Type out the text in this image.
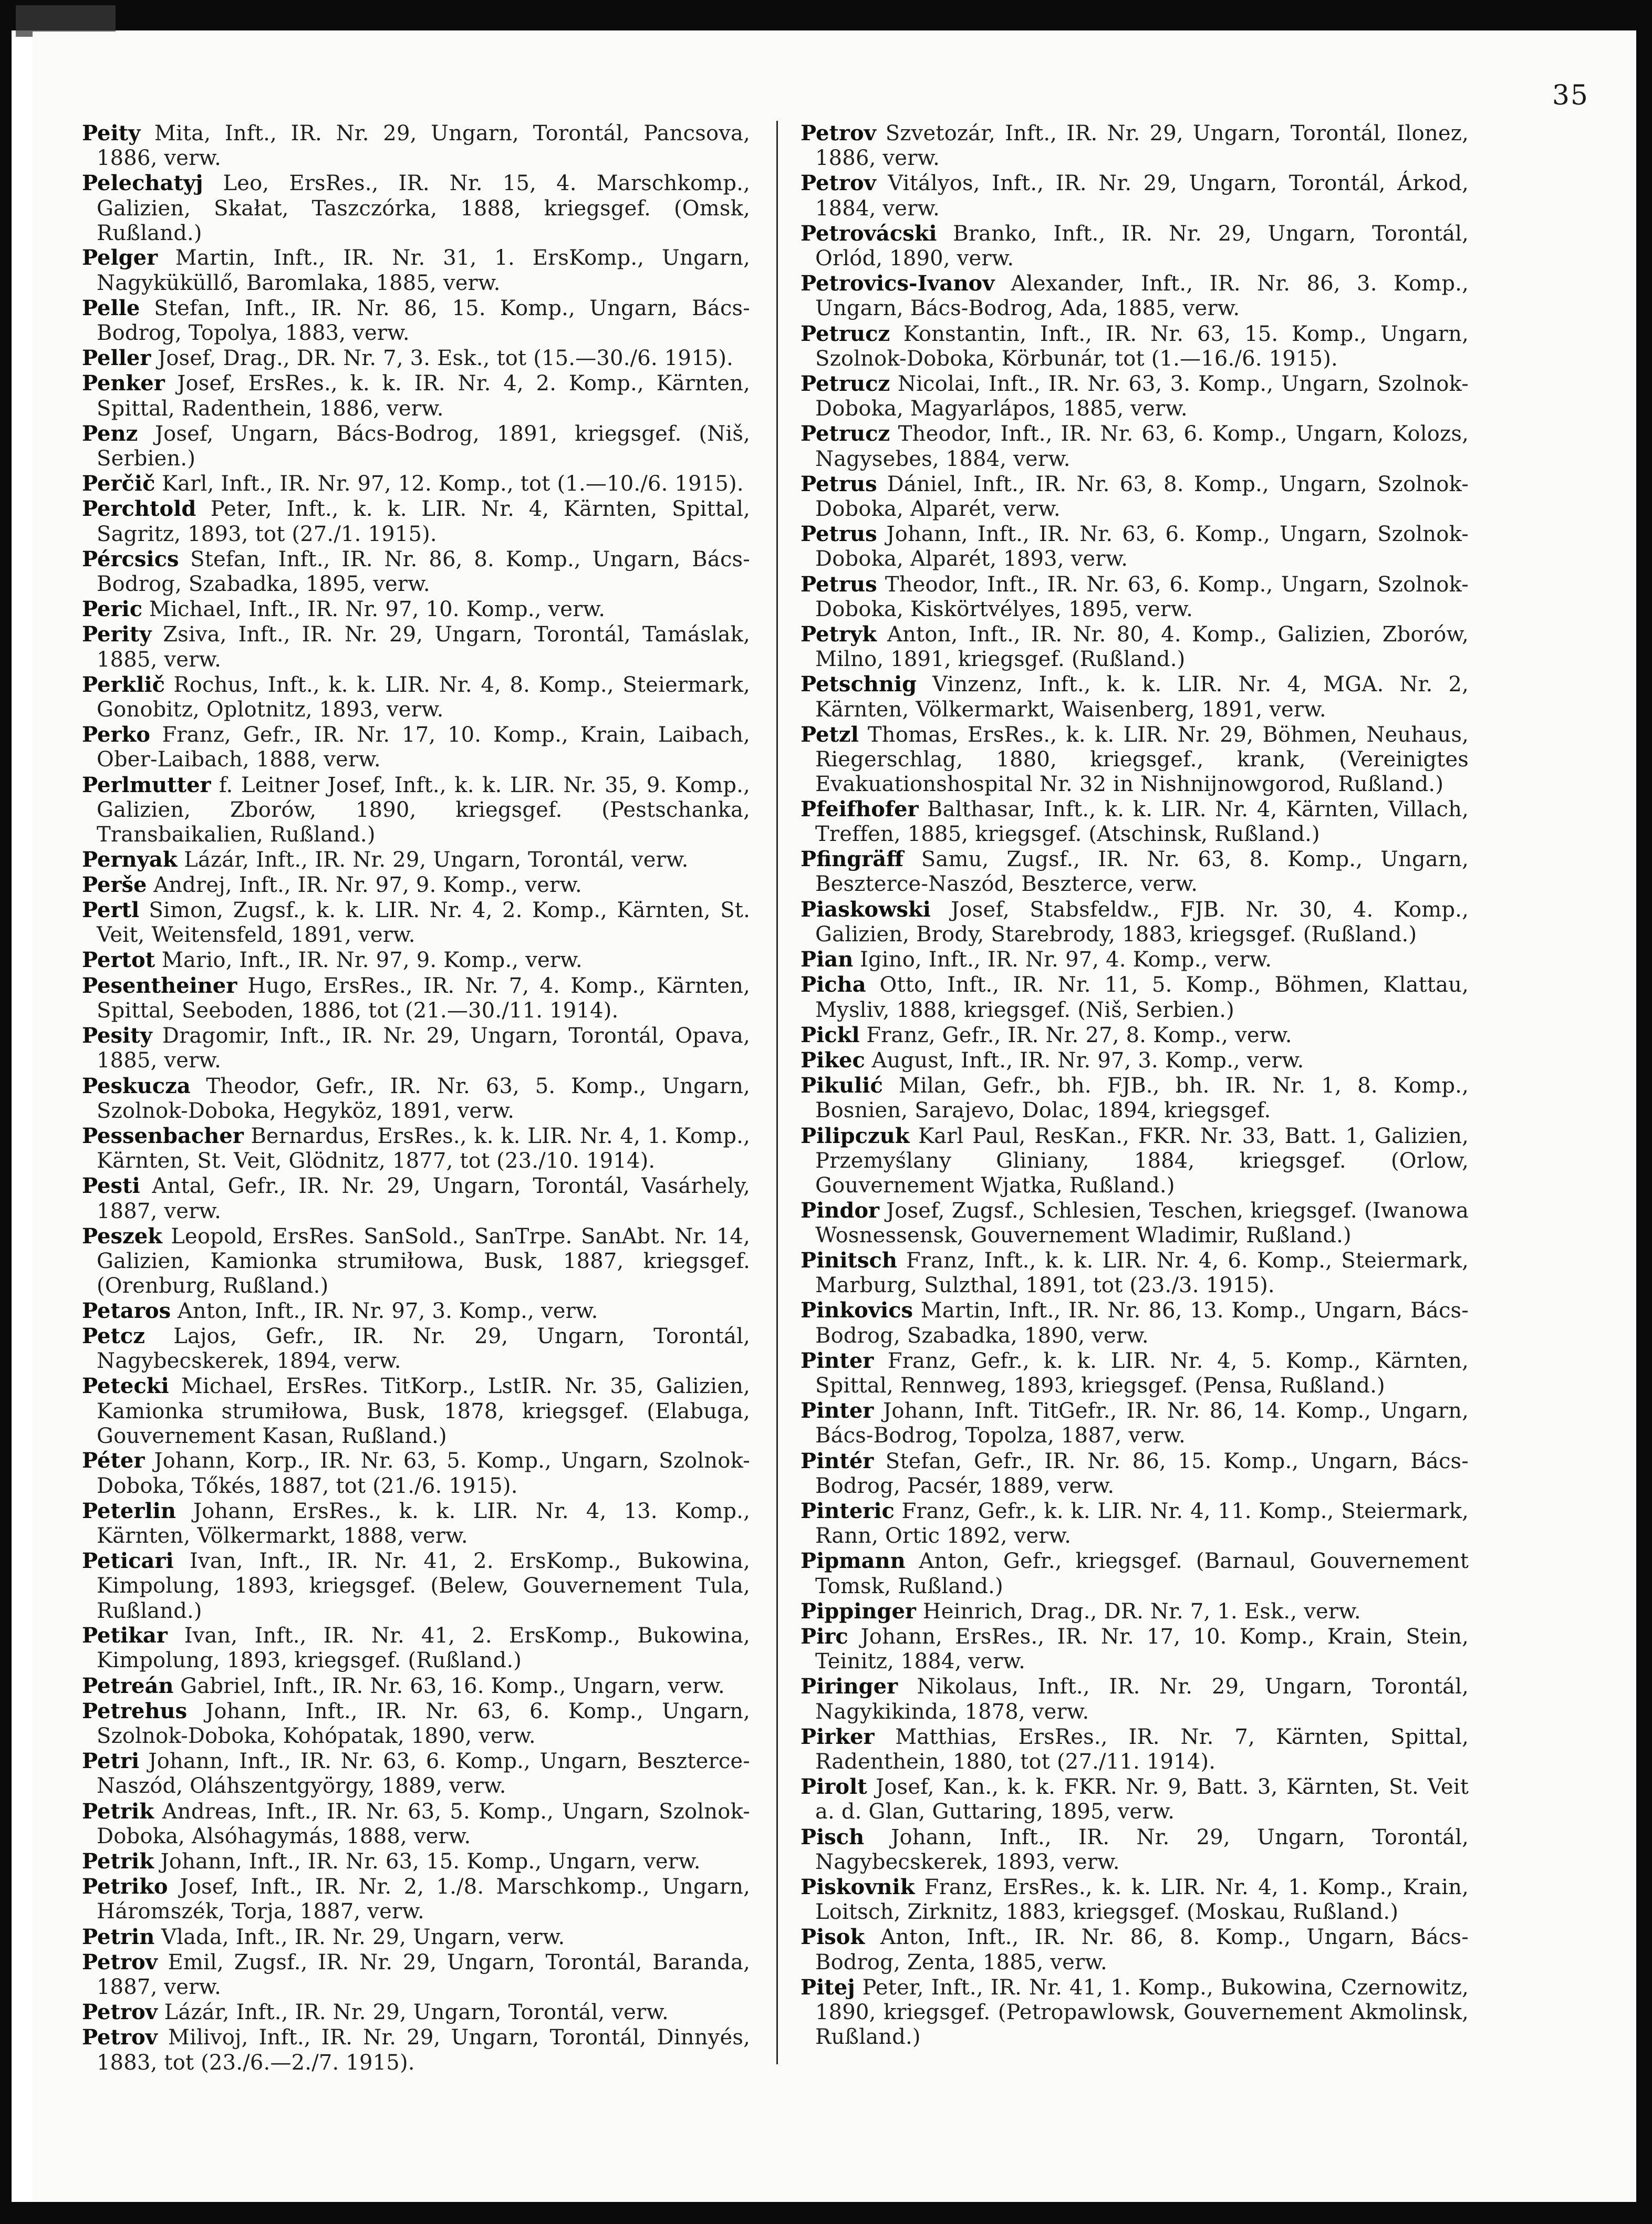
35

Peity Mita, Inft., IR. Nr. 29, Ungarn, Torontál, Pancsova, 1886, verw.

Pelechatyj Leo, ErsRes., IR. Nr. 15, 4. Marschkomp., Galizien, Skałat, Taszczórka, 1888, kriegsgef. (Omsk, Rußland.)

Pelger Martin, Inft., IR. Nr. 31, 1. ErsKomp., Ungarn, Nagyküküllő, Baromlaka, 1885, verw.

Pelle Stefan, Inft., IR. Nr. 86, 15. Komp., Ungarn, Bács-Bodrog, Topolya, 1883, verw.

Peller Josef, Drag., DR. Nr. 7, 3. Esk., tot (15.—30./6. 1915).

Penker Josef, ErsRes., k. k. IR. Nr. 4, 2. Komp., Kärnten, Spittal, Radenthein, 1886, verw.

Penz Josef, Ungarn, Bács-Bodrog, 1891, kriegsgef. (Niš, Serbien.)

Perčič Karl, Inft., IR. Nr. 97, 12. Komp., tot (1.—10./6. 1915).

Perchtold Peter, Inft., k. k. LIR. Nr. 4, Kärnten, Spittal, Sagritz, 1893, tot (27./1. 1915).

Pércsics Stefan, Inft., IR. Nr. 86, 8. Komp., Ungarn, Bács-Bodrog, Szabadka, 1895, verw.

Peric Michael, Inft., IR. Nr. 97, 10. Komp., verw.

Perity Zsiva, Inft., IR. Nr. 29, Ungarn, Torontál, Tamáslak, 1885, verw.

Perklič Rochus, Inft., k. k. LIR. Nr. 4, 8. Komp., Steiermark, Gonobitz, Oplotnitz, 1893, verw.

Perko Franz, Gefr., IR. Nr. 17, 10. Komp., Krain, Laibach, Ober-Laibach, 1888, verw.

Perlmutter f. Leitner Josef, Inft., k. k. LIR. Nr. 35, 9. Komp., Galizien, Zborów, 1890, kriegsgef. (Pestschanka, Transbaikalien, Rußland.)

Pernyak Lázár, Inft., IR. Nr. 29, Ungarn, Torontál, verw.

Perše Andrej, Inft., IR. Nr. 97, 9. Komp., verw.

Pertl Simon, Zugsf., k. k. LIR. Nr. 4, 2. Komp., Kärnten, St. Veit, Weitensfeld, 1891, verw.

Pertot Mario, Inft., IR. Nr. 97, 9. Komp., verw.

Pesentheiner Hugo, ErsRes., IR. Nr. 7, 4. Komp., Kärnten, Spittal, Seeboden, 1886, tot (21.—30./11. 1914).

Pesity Dragomir, Inft., IR. Nr. 29, Ungarn, Torontál, Opava, 1885, verw.

Peskucza Theodor, Gefr., IR. Nr. 63, 5. Komp., Ungarn, Szolnok-Doboka, Hegyköz, 1891, verw.

Pessenbacher Bernardus, ErsRes., k. k. LIR. Nr. 4, 1. Komp., Kärnten, St. Veit, Glödnitz, 1877, tot (23./10. 1914).

Pesti Antal, Gefr., IR. Nr. 29, Ungarn, Torontál, Vasárhely, 1887, verw.

Peszek Leopold, ErsRes. SanSold., SanTrpe. SanAbt. Nr. 14, Galizien, Kamionka strumiłowa, Busk, 1887, kriegsgef. (Orenburg, Rußland.)

Petaros Anton, Inft., IR. Nr. 97, 3. Komp., verw.

Petcz Lajos, Gefr., IR. Nr. 29, Ungarn, Torontál, Nagybecskerek, 1894, verw.

Petecki Michael, ErsRes. TitKorp., LstIR. Nr. 35, Galizien, Kamionka strumiłowa, Busk, 1878, kriegsgef. (Elabuga, Gouvernement Kasan, Rußland.)

Péter Johann, Korp., IR. Nr. 63, 5. Komp., Ungarn, Szolnok-Doboka, Tőkés, 1887, tot (21./6. 1915).

Peterlin Johann, ErsRes., k. k. LIR. Nr. 4, 13. Komp., Kärnten, Völkermarkt, 1888, verw.

Peticari Ivan, Inft., IR. Nr. 41, 2. ErsKomp., Bukowina, Kimpolung, 1893, kriegsgef. (Belew, Gouvernement Tula, Rußland.)

Petikar Ivan, Inft., IR. Nr. 41, 2. ErsKomp., Bukowina, Kimpolung, 1893, kriegsgef. (Rußland.)

Petreán Gabriel, Inft., IR. Nr. 63, 16. Komp., Ungarn, verw.

Petrehus Johann, Inft., IR. Nr. 63, 6. Komp., Ungarn, Szolnok-Doboka, Kohópatak, 1890, verw.

Petri Johann, Inft., IR. Nr. 63, 6. Komp., Ungarn, Beszterce-Naszód, Oláhszentgyörgy, 1889, verw.

Petrik Andreas, Inft., IR. Nr. 63, 5. Komp., Ungarn, Szolnok-Doboka, Alsóhagymás, 1888, verw.

Petrik Johann, Inft., IR. Nr. 63, 15. Komp., Ungarn, verw.

Petriko Josef, Inft., IR. Nr. 2, 1./8. Marschkomp., Ungarn, Háromszék, Torja, 1887, verw.

Petrin Vlada, Inft., IR. Nr. 29, Ungarn, verw.

Petrov Emil, Zugsf., IR. Nr. 29, Ungarn, Torontál, Baranda, 1887, verw.

Petrov Lázár, Inft., IR. Nr. 29, Ungarn, Torontál, verw.

Petrov Milivoj, Inft., IR. Nr. 29, Ungarn, Torontál, Dinnyés, 1883, tot (23./6.—2./7. 1915).

Petrov Szvetozár, Inft., IR. Nr. 29, Ungarn, Torontál, Ilonez, 1886, verw.

Petrov Vitályos, Inft., IR. Nr. 29, Ungarn, Torontál, Árkod, 1884, verw.

Petrovácski Branko, Inft., IR. Nr. 29, Ungarn, Torontál, Orlód, 1890, verw.

Petrovics-Ivanov Alexander, Inft., IR. Nr. 86, 3. Komp., Ungarn, Bács-Bodrog, Ada, 1885, verw.

Petrucz Konstantin, Inft., IR. Nr. 63, 15. Komp., Ungarn, Szolnok-Doboka, Körbunár, tot (1.—16./6. 1915).

Petrucz Nicolai, Inft., IR. Nr. 63, 3. Komp., Ungarn, Szolnok-Doboka, Magyarlápos, 1885, verw.

Petrucz Theodor, Inft., IR. Nr. 63, 6. Komp., Ungarn, Kolozs, Nagysebes, 1884, verw.

Petrus Dániel, Inft., IR. Nr. 63, 8. Komp., Ungarn, Szolnok-Doboka, Alparét, verw.

Petrus Johann, Inft., IR. Nr. 63, 6. Komp., Ungarn, Szolnok-Doboka, Alparét, 1893, verw.

Petrus Theodor, Inft., IR. Nr. 63, 6. Komp., Ungarn, Szolnok-Doboka, Kiskörtvélyes, 1895, verw.

Petryk Anton, Inft., IR. Nr. 80, 4. Komp., Galizien, Zborów, Milno, 1891, kriegsgef. (Rußland.)

Petschnig Vinzenz, Inft., k. k. LIR. Nr. 4, MGA. Nr. 2, Kärnten, Völkermarkt, Waisenberg, 1891, verw.

Petzl Thomas, ErsRes., k. k. LIR. Nr. 29, Böhmen, Neuhaus, Riegerschlag, 1880, kriegsgef., krank, (Vereinigtes Evakuationshospital Nr. 32 in Nishnijnowgorod, Rußland.)

Pfeifhofer Balthasar, Inft., k. k. LIR. Nr. 4, Kärnten, Villach, Treffen, 1885, kriegsgef. (Atschinsk, Rußland.)

Pfingräff Samu, Zugsf., IR. Nr. 63, 8. Komp., Ungarn, Beszterce-Naszód, Beszterce, verw.

Piaskowski Josef, Stabsfeldw., FJB. Nr. 30, 4. Komp., Galizien, Brody, Starebrody, 1883, kriegsgef. (Rußland.)

Pian Igino, Inft., IR. Nr. 97, 4. Komp., verw.

Picha Otto, Inft., IR. Nr. 11, 5. Komp., Böhmen, Klattau, Mysliv, 1888, kriegsgef. (Niš, Serbien.)

Pickl Franz, Gefr., IR. Nr. 27, 8. Komp., verw.

Pikec August, Inft., IR. Nr. 97, 3. Komp., verw.

Pikulić Milan, Gefr., bh. FJB., bh. IR. Nr. 1, 8. Komp., Bosnien, Sarajevo, Dolac, 1894, kriegsgef.

Pilipczuk Karl Paul, ResKan., FKR. Nr. 33, Batt. 1, Galizien, Przemyślany Gliniany, 1884, kriegsgef. (Orlow, Gouvernement Wjatka, Rußland.)

Pindor Josef, Zugsf., Schlesien, Teschen, kriegsgef. (Iwanowa Wosnessensk, Gouvernement Wladimir, Rußland.)

Pinitsch Franz, Inft., k. k. LIR. Nr. 4, 6. Komp., Steiermark, Marburg, Sulzthal, 1891, tot (23./3. 1915).

Pinkovics Martin, Inft., IR. Nr. 86, 13. Komp., Ungarn, Bács-Bodrog, Szabadka, 1890, verw.

Pinter Franz, Gefr., k. k. LIR. Nr. 4, 5. Komp., Kärnten, Spittal, Rennweg, 1893, kriegsgef. (Pensa, Rußland.)

Pinter Johann, Inft. TitGefr., IR. Nr. 86, 14. Komp., Ungarn, Bács-Bodrog, Topolza, 1887, verw.

Pintér Stefan, Gefr., IR. Nr. 86, 15. Komp., Ungarn, Bács-Bodrog, Pacsér, 1889, verw.

Pinteric Franz, Gefr., k. k. LIR. Nr. 4, 11. Komp., Steiermark, Rann, Ortic 1892, verw.

Pipmann Anton, Gefr., kriegsgef. (Barnaul, Gouvernement Tomsk, Rußland.)

Pippinger Heinrich, Drag., DR. Nr. 7, 1. Esk., verw.

Pirc Johann, ErsRes., IR. Nr. 17, 10. Komp., Krain, Stein, Teinitz, 1884, verw.

Piringer Nikolaus, Inft., IR. Nr. 29, Ungarn, Torontál, Nagykikinda, 1878, verw.

Pirker Matthias, ErsRes., IR. Nr. 7, Kärnten, Spittal, Radenthein, 1880, tot (27./11. 1914).

Pirolt Josef, Kan., k. k. FKR. Nr. 9, Batt. 3, Kärnten, St. Veit a. d. Glan, Guttaring, 1895, verw.

Pisch Johann, Inft., IR. Nr. 29, Ungarn, Torontál, Nagybecskerek, 1893, verw.

Piskovnik Franz, ErsRes., k. k. LIR. Nr. 4, 1. Komp., Krain, Loitsch, Zirknitz, 1883, kriegsgef. (Moskau, Rußland.)

Pisok Anton, Inft., IR. Nr. 86, 8. Komp., Ungarn, Bács-Bodrog, Zenta, 1885, verw.

Pitej Peter, Inft., IR. Nr. 41, 1. Komp., Bukowina, Czernowitz, 1890, kriegsgef. (Petropawlowsk, Gouvernement Akmolinsk, Rußland.)
